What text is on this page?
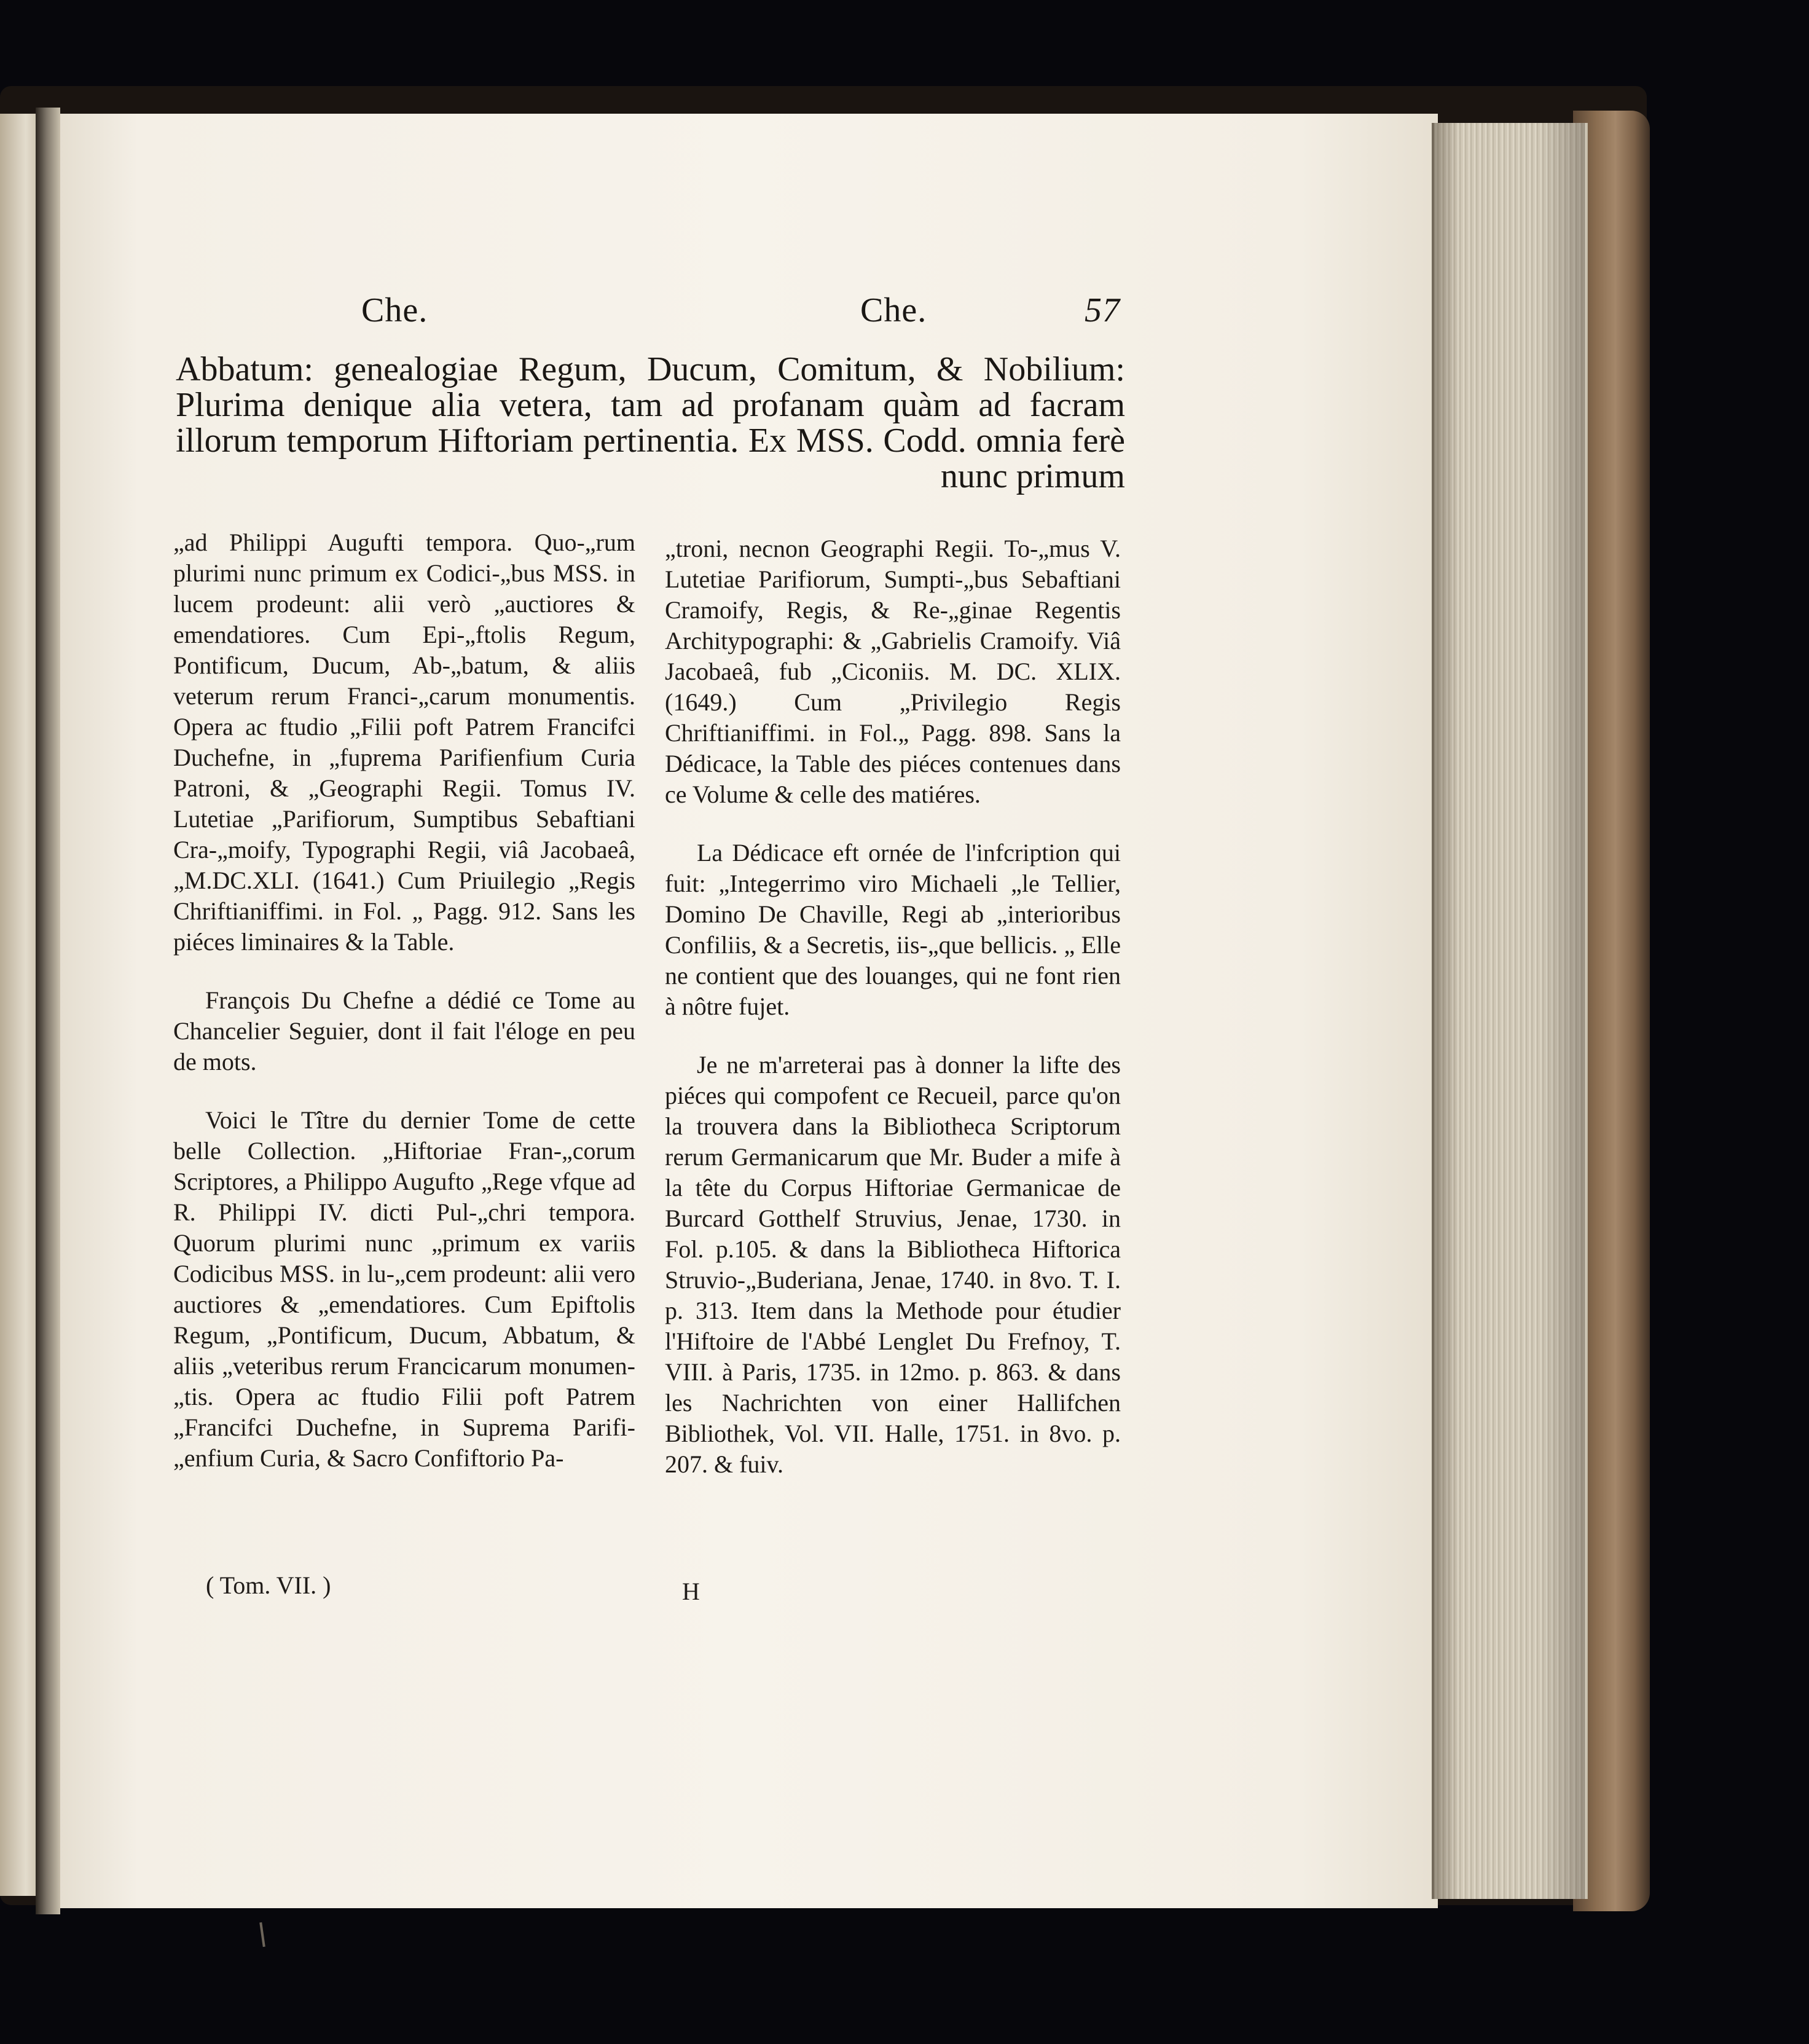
Che.	Che.	57
Abbatum: genealogiae Regum, Ducum, Comitum, & Nobilium: Plurima denique alia vetera, tam ad profanam quàm ad facram illorum temporum Hiftoriam pertinentia. Ex MSS. Codd. omnia ferè nunc primum

„ad Philippi Augufti tempora. Quo-„rum plurimi nunc primum ex Codici-„bus MSS. in lucem prodeunt: alii verò „auctiores & emendatiores. Cum Epi-„ftolis Regum, Pontificum, Ducum, Ab-„batum, & aliis veterum rerum Franci-„carum monumentis. Opera ac ftudio „Filii poft Patrem Francifci Duchefne, in „fuprema Parifienfium Curia Patroni, & „Geographi Regii. Tomus IV. Lutetiae „Parifiorum, Sumptibus Sebaftiani Cra-„moify, Typographi Regii, viâ Jacobaeâ, „M.DC.XLI. (1641.) Cum Priuilegio „Regis Chriftianiffimi. in Fol. „ Pagg. 912. Sans les piéces liminaires & la Table.

François Du Chefne a dédié ce Tome au Chancelier Seguier, dont il fait l'éloge en peu de mots.

Voici le Tître du dernier Tome de cette belle Collection. „Hiftoriae Fran-„corum Scriptores, a Philippo Augufto „Rege vfque ad R. Philippi IV. dicti Pul-„chri tempora. Quorum plurimi nunc „primum ex variis Codicibus MSS. in lu-„cem prodeunt: alii vero auctiores & „emendatiores. Cum Epiftolis Regum, „Pontificum, Ducum, Abbatum, & aliis „veteribus rerum Francicarum monumen-„tis. Opera ac ftudio Filii poft Patrem „Francifci Duchefne, in Suprema Parifi-„enfium Curia, & Sacro Confiftorio Pa-

( Tom. VII. )

„troni, necnon Geographi Regii. To-„mus V. Lutetiae Parifiorum, Sumpti-„bus Sebaftiani Cramoify, Regis, & Re-„ginae Regentis Architypographi: & „Gabrielis Cramoify. Viâ Jacobaeâ, fub „Ciconiis. M. DC. XLIX. (1649.) Cum „Privilegio Regis Chriftianiffimi. in Fol.„ Pagg. 898. Sans la Dédicace, la Table des piéces contenues dans ce Volume & celle des matiéres.

La Dédicace eft ornée de l'infcription qui fuit: „Integerrimo viro Michaeli „le Tellier, Domino De Chaville, Regi ab „interioribus Confiliis, & a Secretis, iis-„que bellicis. „ Elle ne contient que des louanges, qui ne font rien à nôtre fujet.

Je ne m'arreterai pas à donner la lifte des piéces qui compofent ce Recueil, parce qu'on la trouvera dans la Bibliotheca Scriptorum rerum Germanicarum que Mr. Buder a mife à la tête du Corpus Hiftoriae Germanicae de Burcard Gotthelf Struvius, Jenae, 1730. in Fol. p.105. & dans la Bibliotheca Hiftorica Struvio-„Buderiana, Jenae, 1740. in 8vo. T. I. p. 313. Item dans la Methode pour étudier l'Hiftoire de l'Abbé Lenglet Du Frefnoy, T. VIII. à Paris, 1735. in 12mo. p. 863. & dans les Nachrichten von einer Hallifchen Bibliothek, Vol. VII. Halle, 1751. in 8vo. p. 207. & fuiv.

H
